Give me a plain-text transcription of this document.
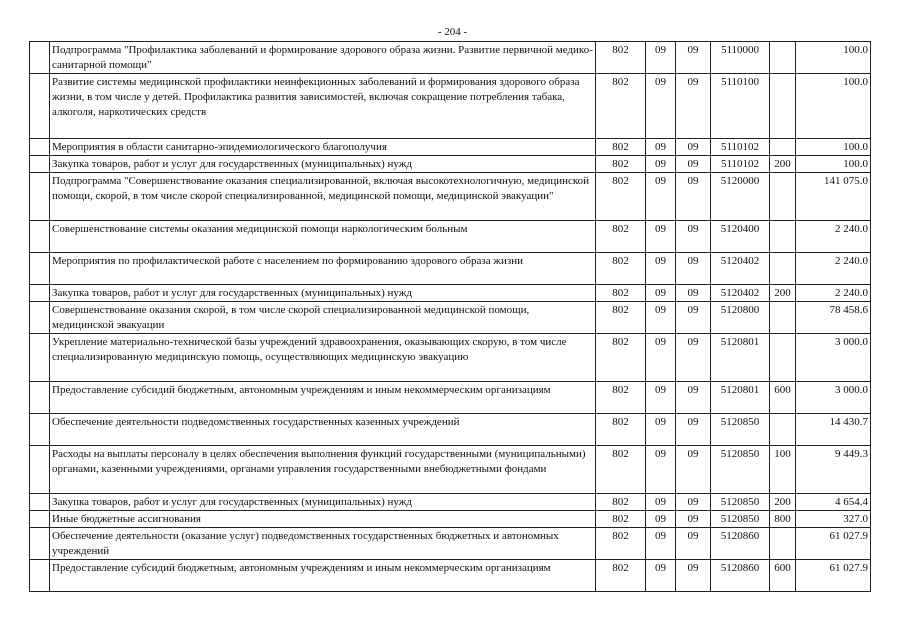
- 204 -
	Подпрограмма "Профилактика заболеваний и формирование здорового образа жизни. Развитие первичной медико-санитарной помощи"	802	09	09	5110000		100.0
	Развитие системы медицинской профилактики неинфекционных заболеваний и формирования здорового образа жизни, в том числе у детей. Профилактика развития зависимостей, включая сокращение потребления табака, алкоголя, наркотических средств	802	09	09	5110100		100.0
	Мероприятия в области санитарно-эпидемиологического благополучия	802	09	09	5110102		100.0
	Закупка товаров, работ и услуг для государственных (муниципальных) нужд	802	09	09	5110102	200	100.0
	Подпрограмма "Совершенствование оказания специализированной, включая высокотехнологичную, медицинской помощи, скорой, в том числе скорой специализированной, медицинской помощи, медицинской эвакуации"	802	09	09	5120000		141 075.0
	Совершенствование системы оказания медицинской помощи наркологическим больным	802	09	09	5120400		2 240.0
	Мероприятия по профилактической работе с населением по формированию здорового образа жизни	802	09	09	5120402		2 240.0
	Закупка товаров, работ и услуг для государственных (муниципальных) нужд	802	09	09	5120402	200	2 240.0
	Совершенствование оказания скорой, в том числе скорой специализированной медицинской помощи, медицинской эвакуации	802	09	09	5120800		78 458.6
	Укрепление материально-технической базы учреждений здравоохранения, оказывающих скорую, в том числе специализированную медицинскую помощь, осуществляющих медицинскую эвакуацию	802	09	09	5120801		3 000.0
	Предоставление субсидий бюджетным, автономным учреждениям и иным некоммерческим организациям	802	09	09	5120801	600	3 000.0
	Обеспечение деятельности подведомственных государственных казенных учреждений	802	09	09	5120850		14 430.7
	Расходы на выплаты персоналу в целях обеспечения выполнения функций государственными (муниципальными) органами, казенными учреждениями, органами управления государственными внебюджетными фондами	802	09	09	5120850	100	9 449.3
	Закупка товаров, работ и услуг для государственных (муниципальных) нужд	802	09	09	5120850	200	4 654.4
	Иные бюджетные ассигнования	802	09	09	5120850	800	327.0
	Обеспечение деятельности (оказание услуг) подведомственных государственных бюджетных и автономных учреждений	802	09	09	5120860		61 027.9
	Предоставление субсидий бюджетным, автономным учреждениям и иным некоммерческим организациям	802	09	09	5120860	600	61 027.9
